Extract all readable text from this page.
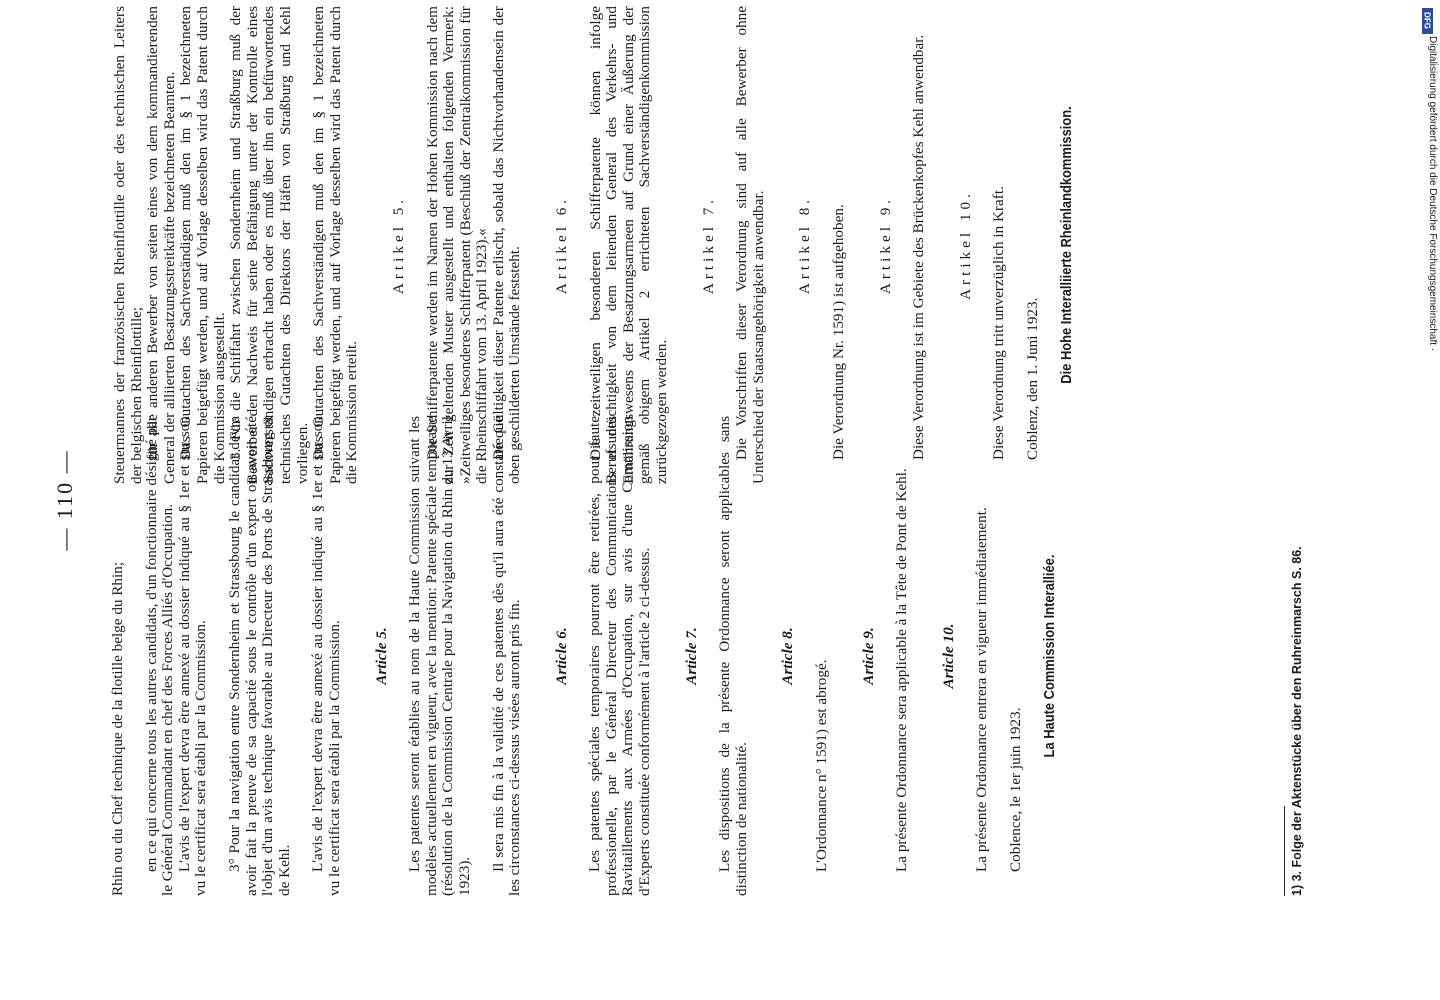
— 110 —

Rhin ou du Chef technique de la flotille belge du Rhin; en ce qui concerne tous les autres candidats, d'un fonctionnaire désigné par le Général Commandant en chef des Forces Alliés d'Occupation. L'avis de l'expert devra être annexé au dossier indiqué au § 1er et sur son vu le certificat sera établi par la Commission. 3° Pour la navigation entre Sondernheim et Strassbourg le candidat devra avoir fait la preuve de sa capacité sous le contrôle d'un expert ou avoir été l'objet d'un avis technique favorable au Directeur des Ports de Strassbourg et de Kehl. L'avis de l'expert devra être annexé au dossier indiqué au § 1er et sur son vu le certificat sera établi par la Commission. Article 5. Les patentes seront établies au nom de la Haute Commission suivant les modèles actuellement en vigueur, avec la mention: Patente spéciale temporaire (résolution de la Commission Centrale pour la Navigation du Rhin du 13 Avril 1923).

Il sera mis fin à la validité de ces patentes dès qu'il aura été constaté que les circonstances ci-dessus visées auront pris fin. Article 6. Les patentes spéciales temporaires pourront être retirées, pour faute professionelle, par le Général Directeur des Communications et des Ravitaillements aux Armées d'Occupation, sur avis d'une Commission d'Experts constituée conformément à l'article 2 ci-dessus. Article 7. Les dispositions de la présente Ordonnance seront applicables sans distinction de nationalité.

Article 8.

L'Ordonnance n° 1591) est abrogé.

Article 9. La présente Ordonnance sera applicable à la Tête de Pont de Kehl. Article 10. La présente Ordonnance entrera en vigueur immédiatement. Coblence, le 1er juin 1923.

La Haute Commission Interalliée.

Steuermannes der französischen Rheinflottille oder des technischen Leiters der belgischen Rheinflottille; für alle anderen Bewerber von seiten eines von dem kommandierenden General der alliierten Besatzungsstreitkräfte bezeichneten Beamten. Das Gutachten des Sachverständigen muß den im § 1 bezeichneten Papieren beigefügt werden, und auf Vorlage desselben wird das Patent durch die Kommission ausgestellt. 3. Für die Schiffahrt zwischen Sondernheim und Straßburg muß der Bewerber den Nachweis für seine Befähigung unter der Kontrolle eines Sachverständigen erbracht haben oder es muß über ihn ein befürwortendes technisches Gutachten des Direktors der Häfen von Straßburg und Kehl vorliegen. Das Gutachten des Sachverständigen muß den im § 1 bezeichneten Papieren beigefügt werden, und auf Vorlage desselben wird das Patent durch die Kommission erteilt.

Artikel 5. Die Schifferpatente werden im Namen der Hohen Kommission nach dem zur Zeit geltenden Muster ausgestellt und enthalten folgenden Vermerk: »Zeitweiliges besonderes Schifferpatent (Beschluß der Zentralkommission für die Rheinschiffahrt vom 13. April 1923).« Die Gültigkeit dieser Patente erlischt, sobald das Nichtvorhandensein der oben geschilderten Umstände feststeht.

Artikel 6. Die zeitweiligen besonderen Schifferpatente können infolge Berufsuntüchtigkeit von dem leitenden General des Verkehrs- und Ernährungswesens der Besatzungsarmeen auf Grund einer Äußerung der gemäß obigem Artikel 2 errichteten Sachverständigenkommission zurückgezogen werden.

Artikel 7. Die Vorschriften dieser Verordnung sind auf alle Bewerber ohne Unterschied der Staatsangehörigkeit anwendbar. Artikel 8. Die Verordnung Nr. 1591) ist aufgehoben. Artikel 9. Diese Verordnung ist im Gebiete des Brückenkopfes Kehl anwendbar. Artikel 10. Diese Verordnung tritt unverzüglich in Kraft. Coblenz, den 1. Juni 1923. Die Hohe Interalliierte Rheinlandkommission.

1) 3. Folge der Aktenstücke über den Ruhreinmarsch S. 86.
DFG
Digitalisierung gefördert durch die Deutsche Forschungsgemeinschaft ·
